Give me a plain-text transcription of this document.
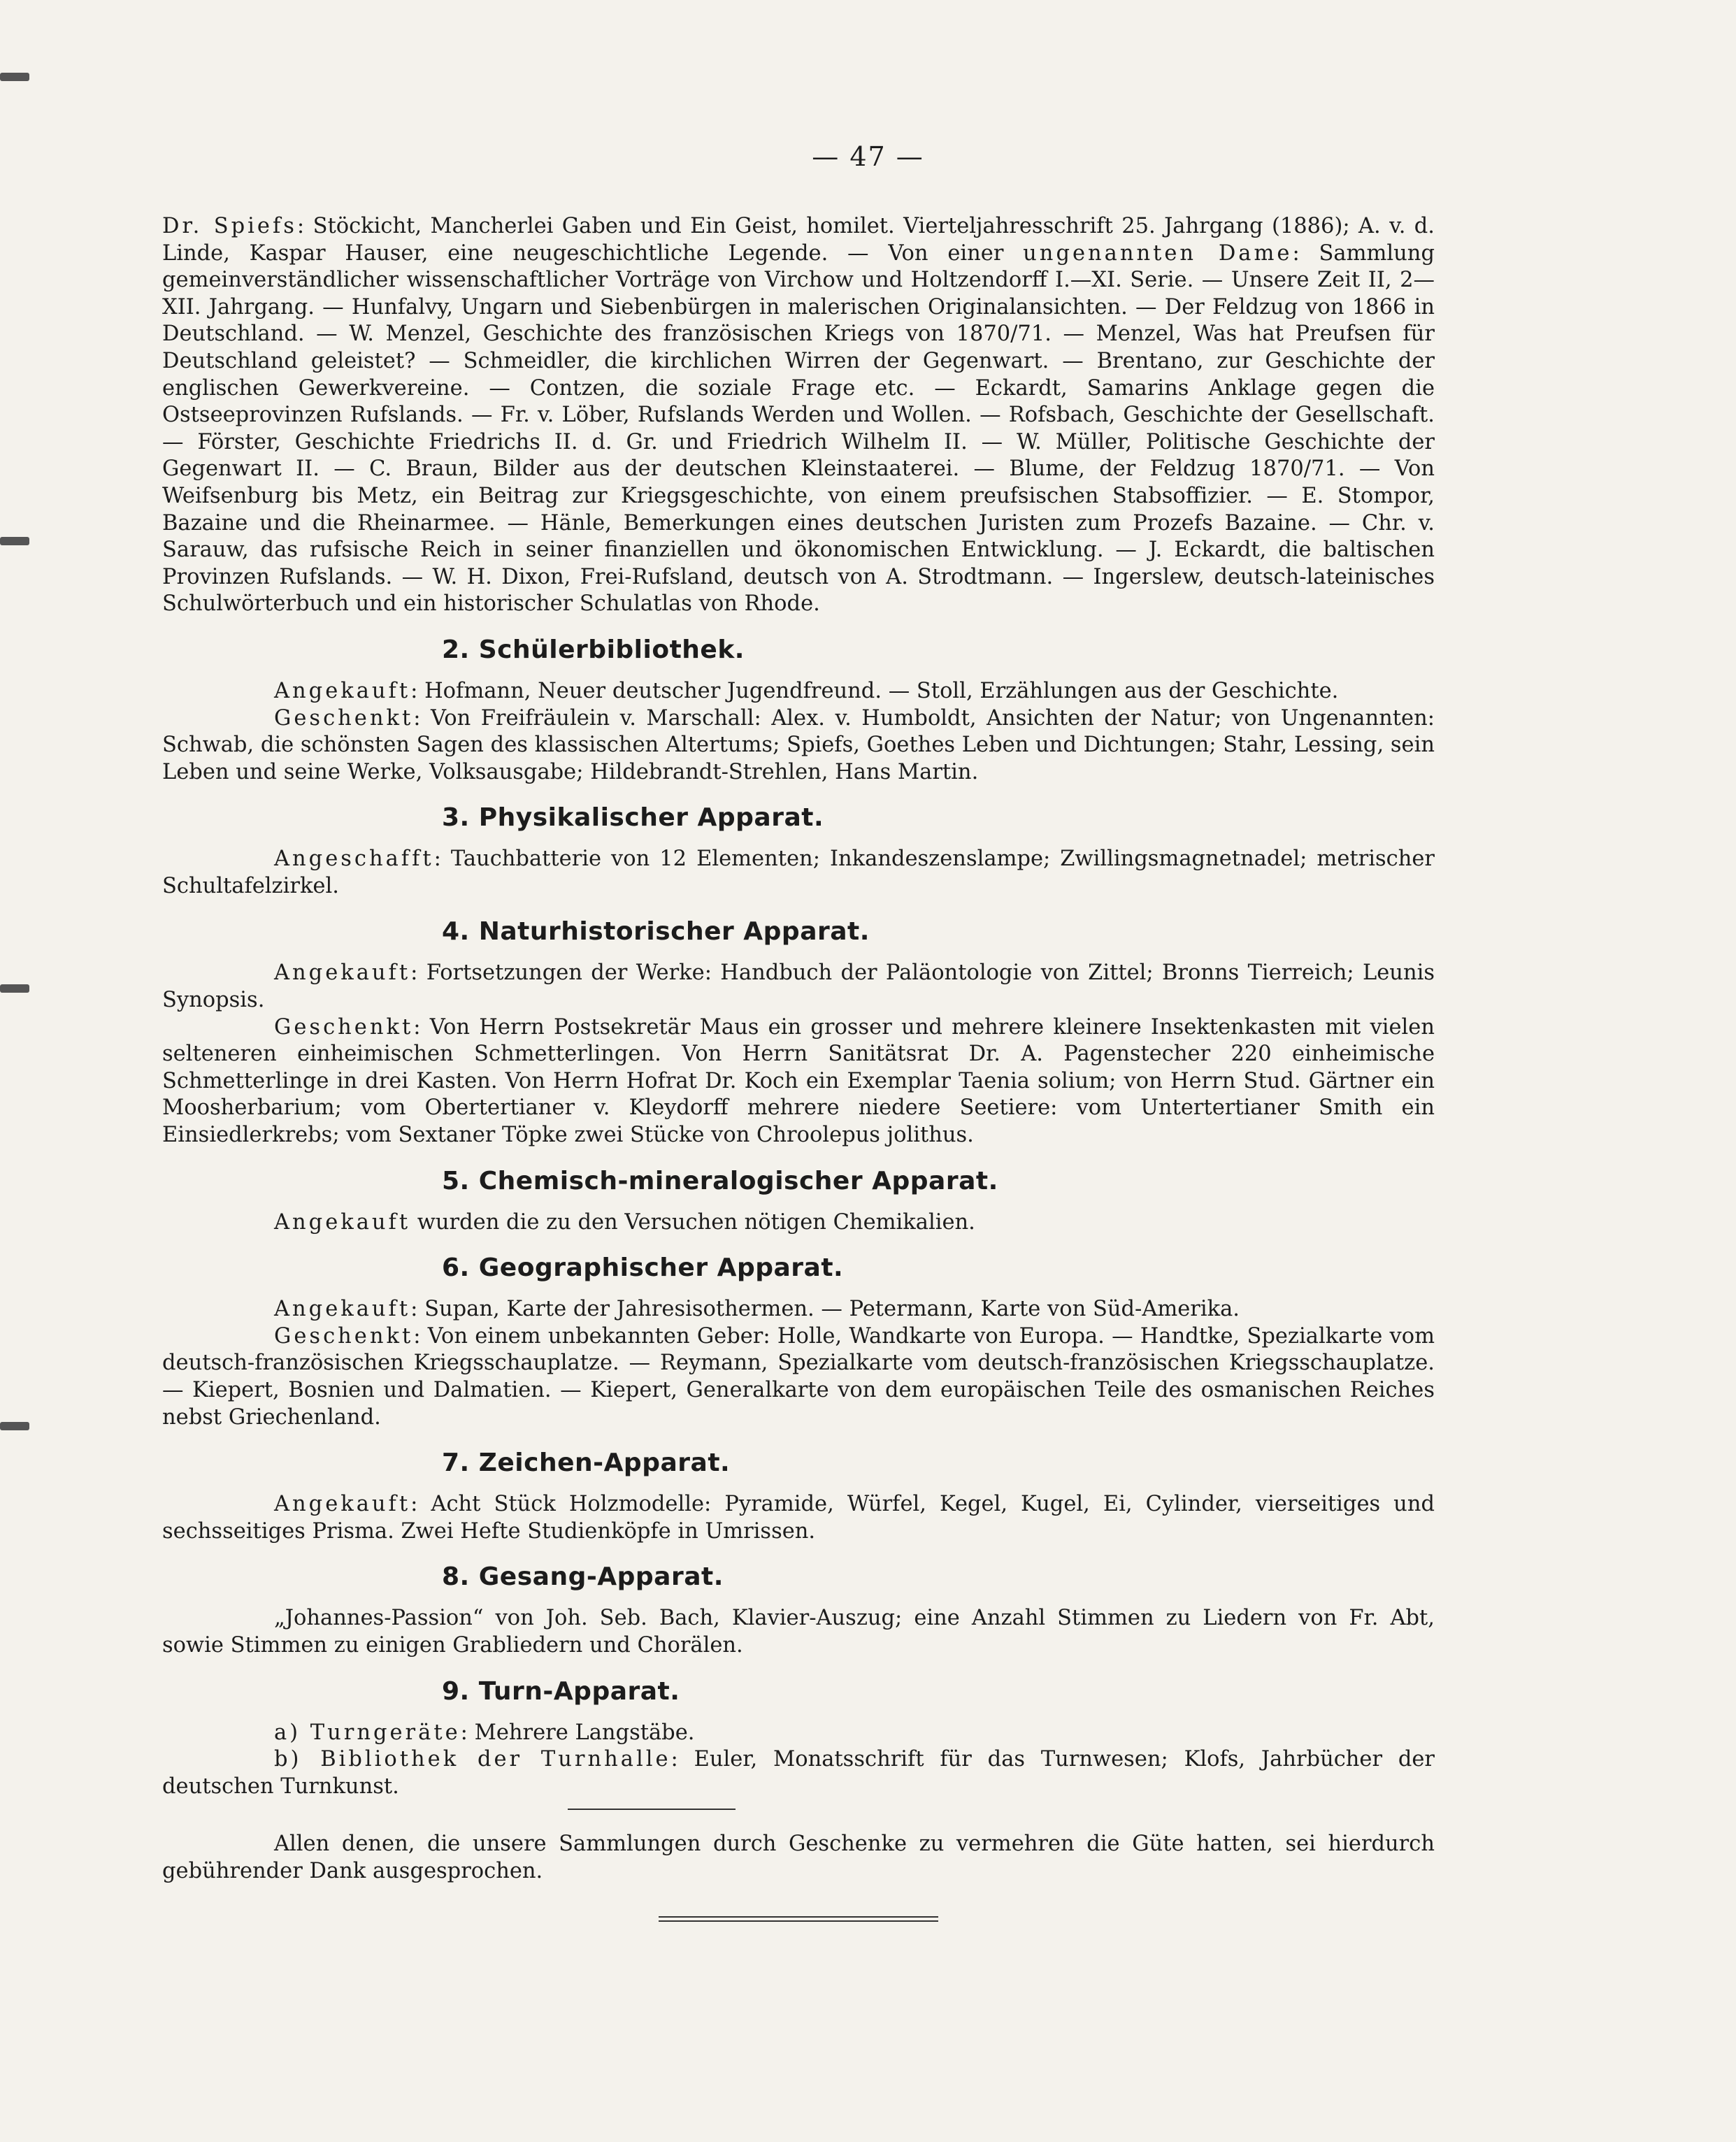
— 47 —

Dr. Spiefs: Stöckicht, Mancherlei Gaben und Ein Geist, homilet. Vierteljahresschrift 25. Jahrgang (1886); A. v. d. Linde, Kaspar Hauser, eine neugeschichtliche Legende. — Von einer ungenannten Dame: Sammlung gemeinverständlicher wissenschaftlicher Vorträge von Virchow und Holtzendorff I.—XI. Serie. — Unsere Zeit II, 2—XII. Jahrgang. — Hunfalvy, Ungarn und Siebenbürgen in malerischen Originalansichten. — Der Feldzug von 1866 in Deutschland. — W. Menzel, Geschichte des französischen Kriegs von 1870/71. — Menzel, Was hat Preufsen für Deutschland geleistet? — Schmeidler, die kirchlichen Wirren der Gegenwart. — Brentano, zur Geschichte der englischen Gewerkvereine. — Contzen, die soziale Frage etc. — Eckardt, Samarins Anklage gegen die Ostseeprovinzen Rufslands. — Fr. v. Löber, Rufslands Werden und Wollen. — Rofsbach, Geschichte der Gesellschaft. — Förster, Geschichte Friedrichs II. d. Gr. und Friedrich Wilhelm II. — W. Müller, Politische Geschichte der Gegenwart II. — C. Braun, Bilder aus der deutschen Kleinstaaterei. — Blume, der Feldzug 1870/71. — Von Weifsenburg bis Metz, ein Beitrag zur Kriegsgeschichte, von einem preufsischen Stabsoffizier. — E. Stompor, Bazaine und die Rheinarmee. — Hänle, Bemerkungen eines deutschen Juristen zum Prozefs Bazaine. — Chr. v. Sarauw, das rufsische Reich in seiner finanziellen und ökonomischen Entwicklung. — J. Eckardt, die baltischen Provinzen Rufslands. — W. H. Dixon, Frei-Rufsland, deutsch von A. Strodtmann. — Ingerslew, deutsch-lateinisches Schulwörterbuch und ein historischer Schulatlas von Rhode.

2. Schülerbibliothek.

Angekauft: Hofmann, Neuer deutscher Jugendfreund. — Stoll, Erzählungen aus der Geschichte.

Geschenkt: Von Freifräulein v. Marschall: Alex. v. Humboldt, Ansichten der Natur; von Ungenannten: Schwab, die schönsten Sagen des klassischen Altertums; Spiefs, Goethes Leben und Dichtungen; Stahr, Lessing, sein Leben und seine Werke, Volksausgabe; Hildebrandt-Strehlen, Hans Martin.

3. Physikalischer Apparat.

Angeschafft: Tauchbatterie von 12 Elementen; Inkandeszenslampe; Zwillingsmagnetnadel; metrischer Schultafelzirkel.

4. Naturhistorischer Apparat.

Angekauft: Fortsetzungen der Werke: Handbuch der Paläontologie von Zittel; Bronns Tierreich; Leunis Synopsis.

Geschenkt: Von Herrn Postsekretär Maus ein grosser und mehrere kleinere Insektenkasten mit vielen selteneren einheimischen Schmetterlingen. Von Herrn Sanitätsrat Dr. A. Pagenstecher 220 einheimische Schmetterlinge in drei Kasten. Von Herrn Hofrat Dr. Koch ein Exemplar Taenia solium; von Herrn Stud. Gärtner ein Moosherbarium; vom Obertertianer v. Kleydorff mehrere niedere Seetiere: vom Untertertianer Smith ein Einsiedlerkrebs; vom Sextaner Töpke zwei Stücke von Chroolepus jolithus.

5. Chemisch-mineralogischer Apparat.

Angekauft wurden die zu den Versuchen nötigen Chemikalien.

6. Geographischer Apparat.

Angekauft: Supan, Karte der Jahresisothermen. — Petermann, Karte von Süd-Amerika.

Geschenkt: Von einem unbekannten Geber: Holle, Wandkarte von Europa. — Handtke, Spezialkarte vom deutsch-französischen Kriegsschauplatze. — Reymann, Spezialkarte vom deutsch-französischen Kriegsschauplatze. — Kiepert, Bosnien und Dalmatien. — Kiepert, Generalkarte von dem europäischen Teile des osmanischen Reiches nebst Griechenland.

7. Zeichen-Apparat.

Angekauft: Acht Stück Holzmodelle: Pyramide, Würfel, Kegel, Kugel, Ei, Cylinder, vierseitiges und sechsseitiges Prisma. Zwei Hefte Studienköpfe in Umrissen.

8. Gesang-Apparat.

„Johannes-Passion“ von Joh. Seb. Bach, Klavier-Auszug; eine Anzahl Stimmen zu Liedern von Fr. Abt, sowie Stimmen zu einigen Grabliedern und Chorälen.

9. Turn-Apparat.

a) Turngeräte: Mehrere Langstäbe.

b) Bibliothek der Turnhalle: Euler, Monatsschrift für das Turnwesen; Klofs, Jahrbücher der deutschen Turnkunst.

Allen denen, die unsere Sammlungen durch Geschenke zu vermehren die Güte hatten, sei hierdurch gebührender Dank ausgesprochen.
